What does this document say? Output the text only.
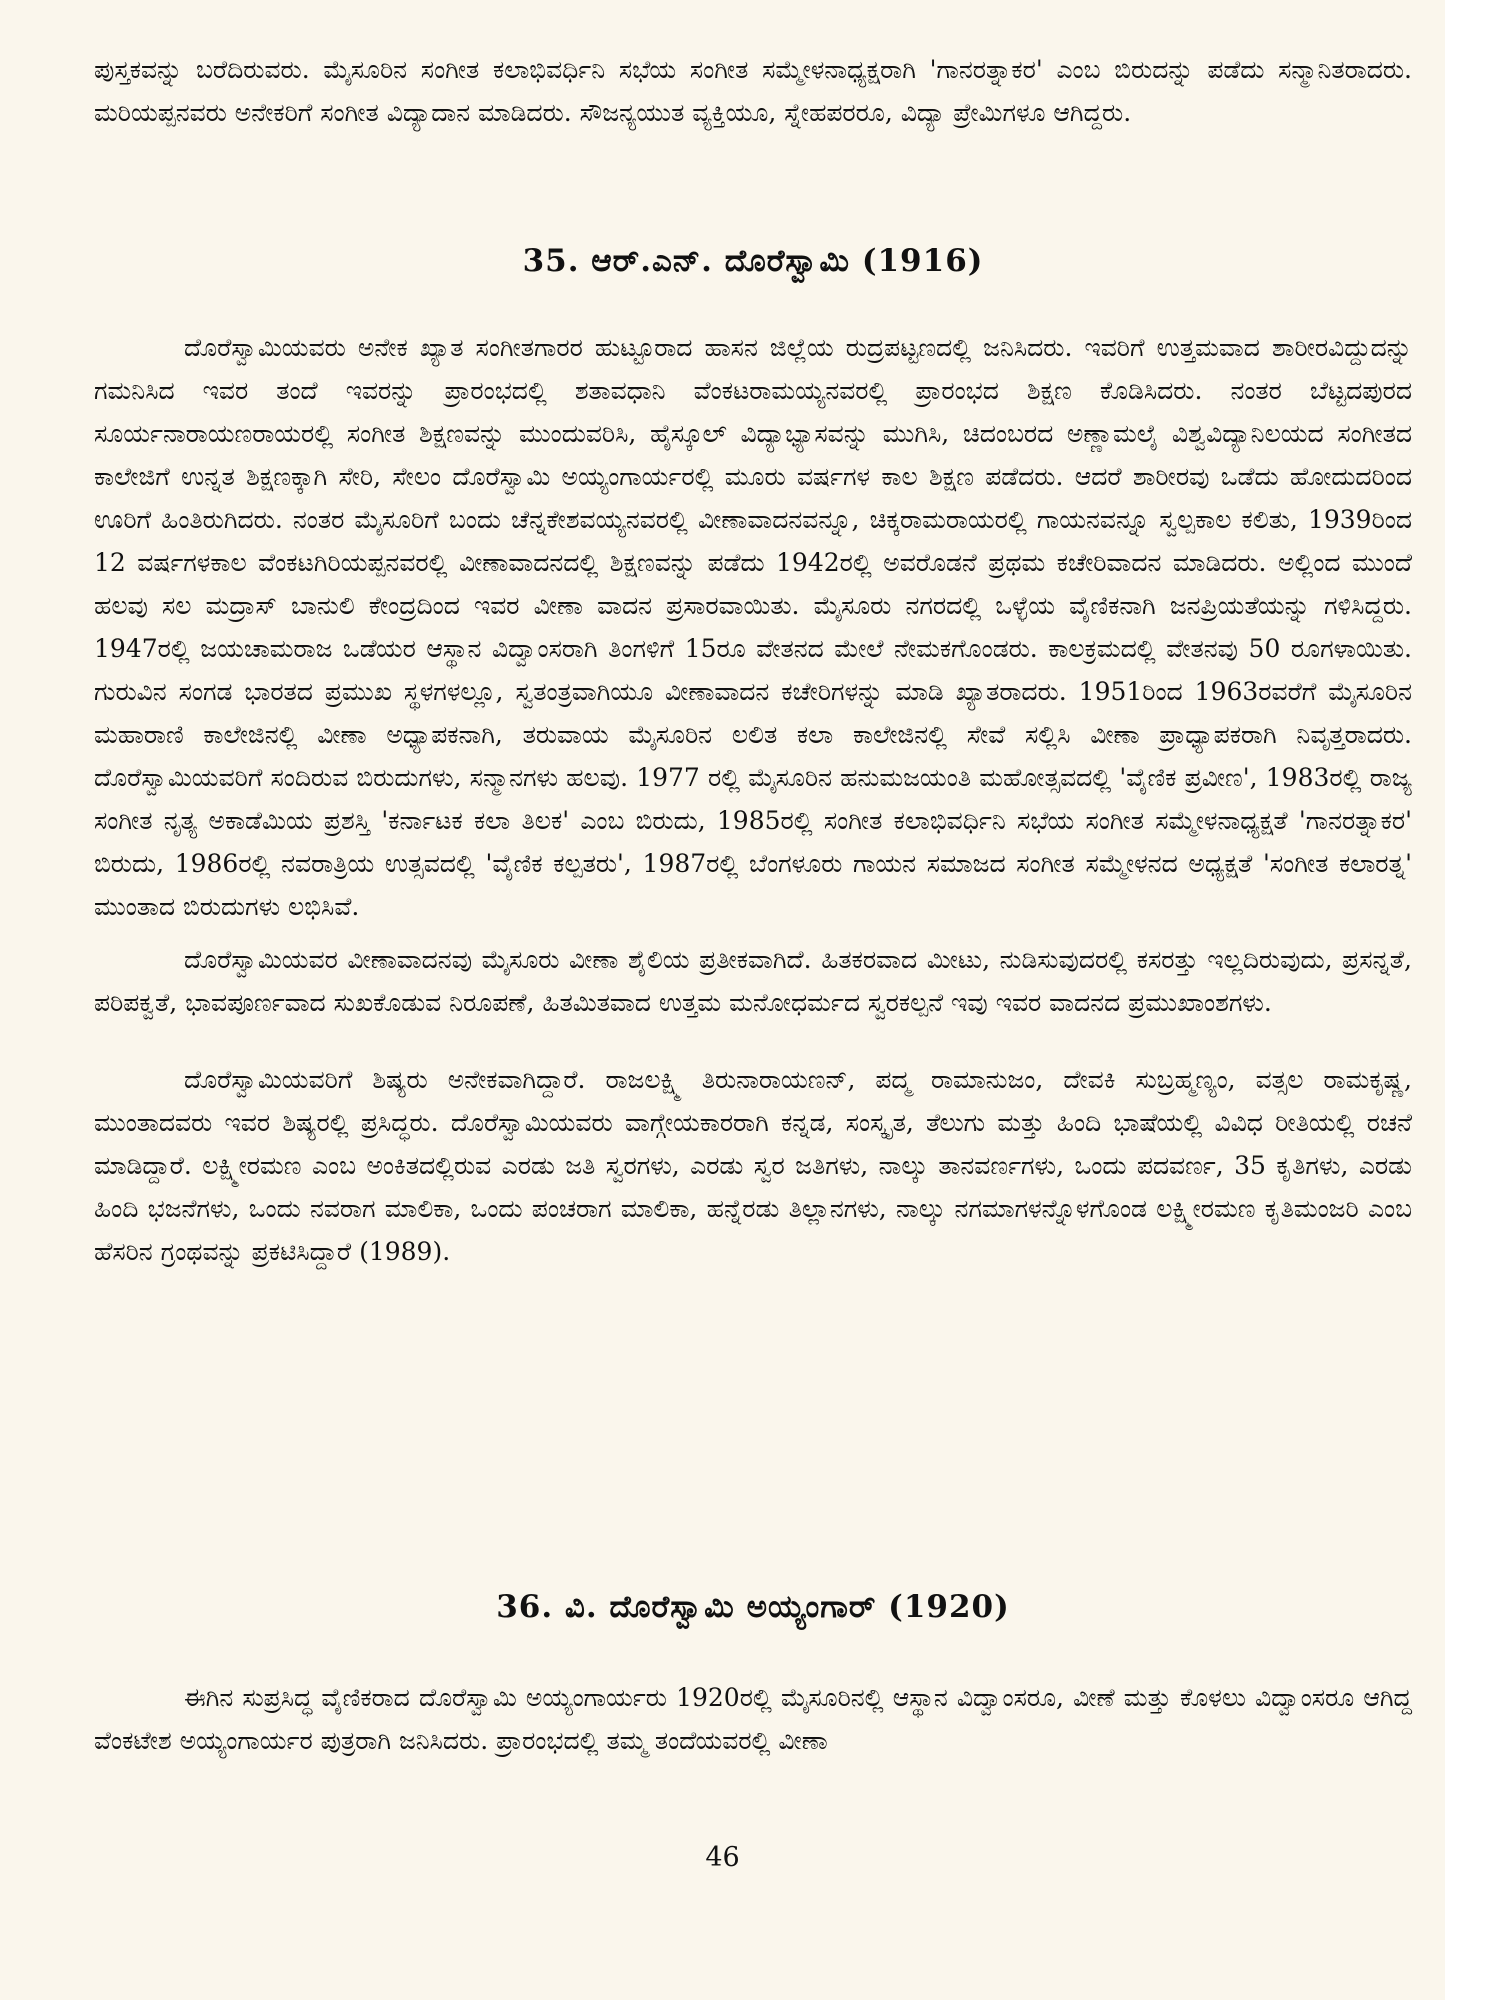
ಪುಸ್ತಕವನ್ನು ಬರೆದಿರುವರು. ಮೈಸೂರಿನ ಸಂಗೀತ ಕಲಾಭಿವರ್ಧಿನಿ ಸಭೆಯ ಸಂಗೀತ ಸಮ್ಮೇಳನಾಧ್ಯಕ್ಷರಾಗಿ 'ಗಾನರತ್ನಾಕರ' ಎಂಬ ಬಿರುದನ್ನು ಪಡೆದು ಸನ್ಮಾನಿತರಾದರು. ಮರಿಯಪ್ಪನವರು ಅನೇಕರಿಗೆ ಸಂಗೀತ ವಿದ್ಯಾದಾನ ಮಾಡಿದರು. ಸೌಜನ್ಯಯುತ ವ್ಯಕ್ತಿಯೂ, ಸ್ನೇಹಪರರೂ, ವಿದ್ಯಾ ಪ್ರೇಮಿಗಳೂ ಆಗಿದ್ದರು.

35. ಆರ್.ಎನ್. ದೊರೆಸ್ವಾಮಿ (1916)

ದೊರೆಸ್ವಾಮಿಯವರು ಅನೇಕ ಖ್ಯಾತ ಸಂಗೀತಗಾರರ ಹುಟ್ಟೂರಾದ ಹಾಸನ ಜಿಲ್ಲೆಯ ರುದ್ರಪಟ್ಟಣದಲ್ಲಿ ಜನಿಸಿದರು. ಇವರಿಗೆ ಉತ್ತಮವಾದ ಶಾರೀರವಿದ್ದುದನ್ನು ಗಮನಿಸಿದ ಇವರ ತಂದೆ ಇವರನ್ನು ಪ್ರಾರಂಭದಲ್ಲಿ ಶತಾವಧಾನಿ ವೆಂಕಟರಾಮಯ್ಯನವರಲ್ಲಿ ಪ್ರಾರಂಭದ ಶಿಕ್ಷಣ ಕೊಡಿಸಿದರು. ನಂತರ ಬೆಟ್ಟದಪುರದ ಸೂರ್ಯನಾರಾಯಣರಾಯರಲ್ಲಿ ಸಂಗೀತ ಶಿಕ್ಷಣವನ್ನು ಮುಂದುವರಿಸಿ, ಹೈಸ್ಕೂಲ್ ವಿದ್ಯಾಭ್ಯಾಸವನ್ನು ಮುಗಿಸಿ, ಚಿದಂಬರದ ಅಣ್ಣಾಮಲೈ ವಿಶ್ವವಿದ್ಯಾನಿಲಯದ ಸಂಗೀತದ ಕಾಲೇಜಿಗೆ ಉನ್ನತ ಶಿಕ್ಷಣಕ್ಕಾಗಿ ಸೇರಿ, ಸೇಲಂ ದೊರೆಸ್ವಾಮಿ ಅಯ್ಯಂಗಾರ್ಯರಲ್ಲಿ ಮೂರು ವರ್ಷಗಳ ಕಾಲ ಶಿಕ್ಷಣ ಪಡೆದರು. ಆದರೆ ಶಾರೀರವು ಒಡೆದು ಹೋದುದರಿಂದ ಊರಿಗೆ ಹಿಂತಿರುಗಿದರು. ನಂತರ ಮೈಸೂರಿಗೆ ಬಂದು ಚೆನ್ನಕೇಶವಯ್ಯನವರಲ್ಲಿ ವೀಣಾವಾದನವನ್ನೂ, ಚಿಕ್ಕರಾಮರಾಯರಲ್ಲಿ ಗಾಯನವನ್ನೂ ಸ್ವಲ್ಪಕಾಲ ಕಲಿತು, 1939ರಿಂದ 12 ವರ್ಷಗಳಕಾಲ ವೆಂಕಟಗಿರಿಯಪ್ಪನವರಲ್ಲಿ ವೀಣಾವಾದನದಲ್ಲಿ ಶಿಕ್ಷಣವನ್ನು ಪಡೆದು 1942ರಲ್ಲಿ ಅವರೊಡನೆ ಪ್ರಥಮ ಕಚೇರಿವಾದನ ಮಾಡಿದರು. ಅಲ್ಲಿಂದ ಮುಂದೆ ಹಲವು ಸಲ ಮದ್ರಾಸ್ ಬಾನುಲಿ ಕೇಂದ್ರದಿಂದ ಇವರ ವೀಣಾ ವಾದನ ಪ್ರಸಾರವಾಯಿತು. ಮೈಸೂರು ನಗರದಲ್ಲಿ ಒಳ್ಳೆಯ ವೈಣಿಕನಾಗಿ ಜನಪ್ರಿಯತೆಯನ್ನು ಗಳಿಸಿದ್ದರು. 1947ರಲ್ಲಿ ಜಯಚಾಮರಾಜ ಒಡೆಯರ ಆಸ್ಥಾನ ವಿದ್ವಾಂಸರಾಗಿ ತಿಂಗಳಿಗೆ 15ರೂ ವೇತನದ ಮೇಲೆ ನೇಮಕಗೊಂಡರು. ಕಾಲಕ್ರಮದಲ್ಲಿ ವೇತನವು 50 ರೂಗಳಾಯಿತು. ಗುರುವಿನ ಸಂಗಡ ಭಾರತದ ಪ್ರಮುಖ ಸ್ಥಳಗಳಲ್ಲೂ, ಸ್ವತಂತ್ರವಾಗಿಯೂ ವೀಣಾವಾದನ ಕಚೇರಿಗಳನ್ನು ಮಾಡಿ ಖ್ಯಾತರಾದರು. 1951ರಿಂದ 1963ರವರೆಗೆ ಮೈಸೂರಿನ ಮಹಾರಾಣಿ ಕಾಲೇಜಿನಲ್ಲಿ ವೀಣಾ ಅಧ್ಯಾಪಕನಾಗಿ, ತರುವಾಯ ಮೈಸೂರಿನ ಲಲಿತ ಕಲಾ ಕಾಲೇಜಿನಲ್ಲಿ ಸೇವೆ ಸಲ್ಲಿಸಿ ವೀಣಾ ಪ್ರಾಧ್ಯಾಪಕರಾಗಿ ನಿವೃತ್ತರಾದರು. ದೊರೆಸ್ವಾಮಿಯವರಿಗೆ ಸಂದಿರುವ ಬಿರುದುಗಳು, ಸನ್ಮಾನಗಳು ಹಲವು. 1977 ರಲ್ಲಿ ಮೈಸೂರಿನ ಹನುಮಜಯಂತಿ ಮಹೋತ್ಸವದಲ್ಲಿ 'ವೈಣಿಕ ಪ್ರವೀಣ', 1983ರಲ್ಲಿ ರಾಜ್ಯ ಸಂಗೀತ ನೃತ್ಯ ಅಕಾಡೆಮಿಯ ಪ್ರಶಸ್ತಿ 'ಕರ್ನಾಟಕ ಕಲಾ ತಿಲಕ' ಎಂಬ ಬಿರುದು, 1985ರಲ್ಲಿ ಸಂಗೀತ ಕಲಾಭಿವರ್ಧಿನಿ ಸಭೆಯ ಸಂಗೀತ ಸಮ್ಮೇಳನಾಧ್ಯಕ್ಷತೆ 'ಗಾನರತ್ನಾಕರ' ಬಿರುದು, 1986ರಲ್ಲಿ ನವರಾತ್ರಿಯ ಉತ್ಸವದಲ್ಲಿ 'ವೈಣಿಕ ಕಲ್ಪತರು', 1987ರಲ್ಲಿ ಬೆಂಗಳೂರು ಗಾಯನ ಸಮಾಜದ ಸಂಗೀತ ಸಮ್ಮೇಳನದ ಅಧ್ಯಕ್ಷತೆ 'ಸಂಗೀತ ಕಲಾರತ್ನ' ಮುಂತಾದ ಬಿರುದುಗಳು ಲಭಿಸಿವೆ.

ದೊರೆಸ್ವಾಮಿಯವರ ವೀಣಾವಾದನವು ಮೈಸೂರು ವೀಣಾ ಶೈಲಿಯ ಪ್ರತೀಕವಾಗಿದೆ. ಹಿತಕರವಾದ ಮೀಟು, ನುಡಿಸುವುದರಲ್ಲಿ ಕಸರತ್ತು ಇಲ್ಲದಿರುವುದು, ಪ್ರಸನ್ನತೆ, ಪರಿಪಕ್ವತೆ, ಭಾವಪೂರ್ಣವಾದ ಸುಖಕೊಡುವ ನಿರೂಪಣೆ, ಹಿತಮಿತವಾದ ಉತ್ತಮ ಮನೋಧರ್ಮದ ಸ್ವರಕಲ್ಪನೆ ಇವು ಇವರ ವಾದನದ ಪ್ರಮುಖಾಂಶಗಳು.

ದೊರೆಸ್ವಾಮಿಯವರಿಗೆ ಶಿಷ್ಯರು ಅನೇಕವಾಗಿದ್ದಾರೆ. ರಾಜಲಕ್ಷ್ಮಿ ತಿರುನಾರಾಯಣನ್, ಪದ್ಮ ರಾಮಾನುಜಂ, ದೇವಕಿ ಸುಬ್ರಹ್ಮಣ್ಯಂ, ವತ್ಸಲ ರಾಮಕೃಷ್ಣ, ಮುಂತಾದವರು ಇವರ ಶಿಷ್ಯರಲ್ಲಿ ಪ್ರಸಿದ್ಧರು. ದೊರೆಸ್ವಾಮಿಯವರು ವಾಗ್ಗೇಯಕಾರರಾಗಿ ಕನ್ನಡ, ಸಂಸ್ಕೃತ, ತೆಲುಗು ಮತ್ತು ಹಿಂದಿ ಭಾಷೆಯಲ್ಲಿ ವಿವಿಧ ರೀತಿಯಲ್ಲಿ ರಚನೆ ಮಾಡಿದ್ದಾರೆ. ಲಕ್ಷ್ಮೀರಮಣ ಎಂಬ ಅಂಕಿತದಲ್ಲಿರುವ ಎರಡು ಜತಿ ಸ್ವರಗಳು, ಎರಡು ಸ್ವರ ಜತಿಗಳು, ನಾಲ್ಕು ತಾನವರ್ಣಗಳು, ಒಂದು ಪದವರ್ಣ, 35 ಕೃತಿಗಳು, ಎರಡು ಹಿಂದಿ ಭಜನೆಗಳು, ಒಂದು ನವರಾಗ ಮಾಲಿಕಾ, ಒಂದು ಪಂಚರಾಗ ಮಾಲಿಕಾ, ಹನ್ನೆರಡು ತಿಲ್ಲಾನಗಳು, ನಾಲ್ಕು ನಗಮಾಗಳನ್ನೊಳಗೊಂಡ ಲಕ್ಷ್ಮೀರಮಣ ಕೃತಿಮಂಜರಿ ಎಂಬ ಹೆಸರಿನ ಗ್ರಂಥವನ್ನು ಪ್ರಕಟಿಸಿದ್ದಾರೆ (1989).

36. ವಿ. ದೊರೆಸ್ವಾಮಿ ಅಯ್ಯಂಗಾರ್ (1920)

ಈಗಿನ ಸುಪ್ರಸಿದ್ಧ ವೈಣಿಕರಾದ ದೊರೆಸ್ವಾಮಿ ಅಯ್ಯಂಗಾರ್ಯರು 1920ರಲ್ಲಿ ಮೈಸೂರಿನಲ್ಲಿ ಆಸ್ಥಾನ ವಿದ್ವಾಂಸರೂ, ವೀಣೆ ಮತ್ತು ಕೊಳಲು ವಿದ್ವಾಂಸರೂ ಆಗಿದ್ದ ವೆಂಕಟೇಶ ಅಯ್ಯಂಗಾರ್ಯರ ಪುತ್ರರಾಗಿ ಜನಿಸಿದರು. ಪ್ರಾರಂಭದಲ್ಲಿ ತಮ್ಮ ತಂದೆಯವರಲ್ಲಿ ವೀಣಾ

46
